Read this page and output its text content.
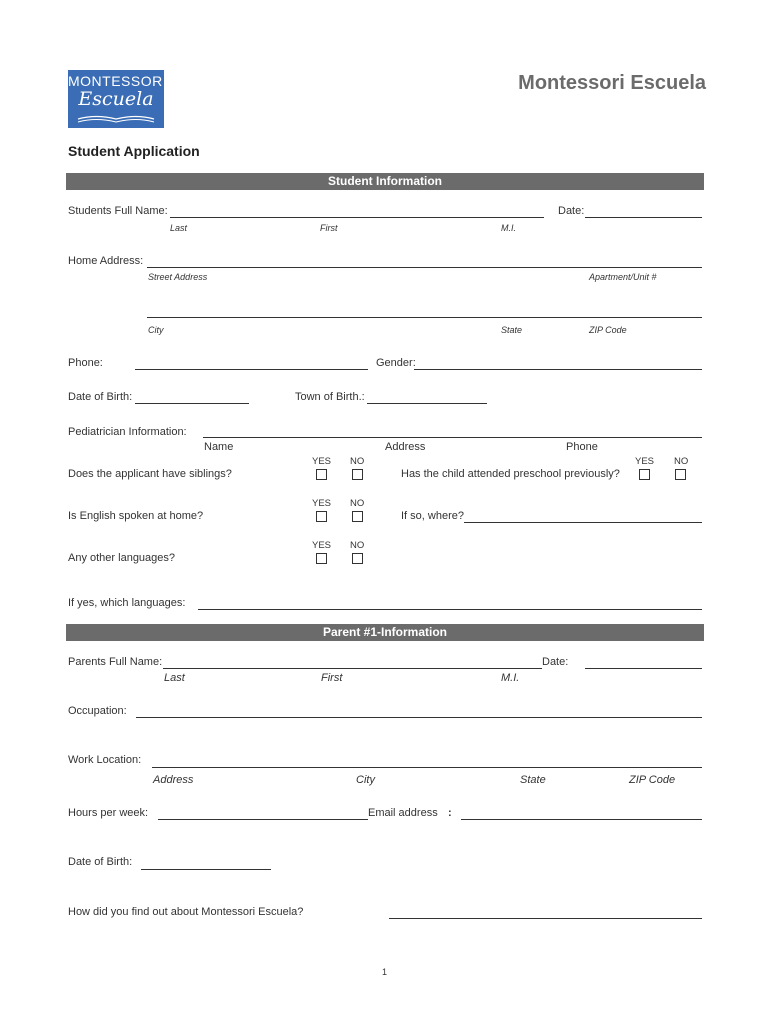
MONTESSORI
Escuela
Montessori Escuela
Student Application
Student Information
Students Full Name:	Date:
Last	First	M.I.
Home Address:
Street Address	Apartment/Unit #
City	State	ZIP Code
Phone:	Gender:
Date of Birth:	Town of Birth.:
Pediatrician Information:
Name	Address	Phone
YES NO
Does the applicant have siblings?
YES NO
Has the child attended preschool previously?
YES NO
Is English spoken at home?	If so, where?
YES NO
Any other languages?
If yes, which languages:
Parent #1-Information
Parents Full Name:	Date:
Last	First	M.I.
Occupation:
Work Location:
Address	City	State	ZIP Code
Hours per week:	Email address :
Date of Birth:
How did you find out about Montessori Escuela?
1
